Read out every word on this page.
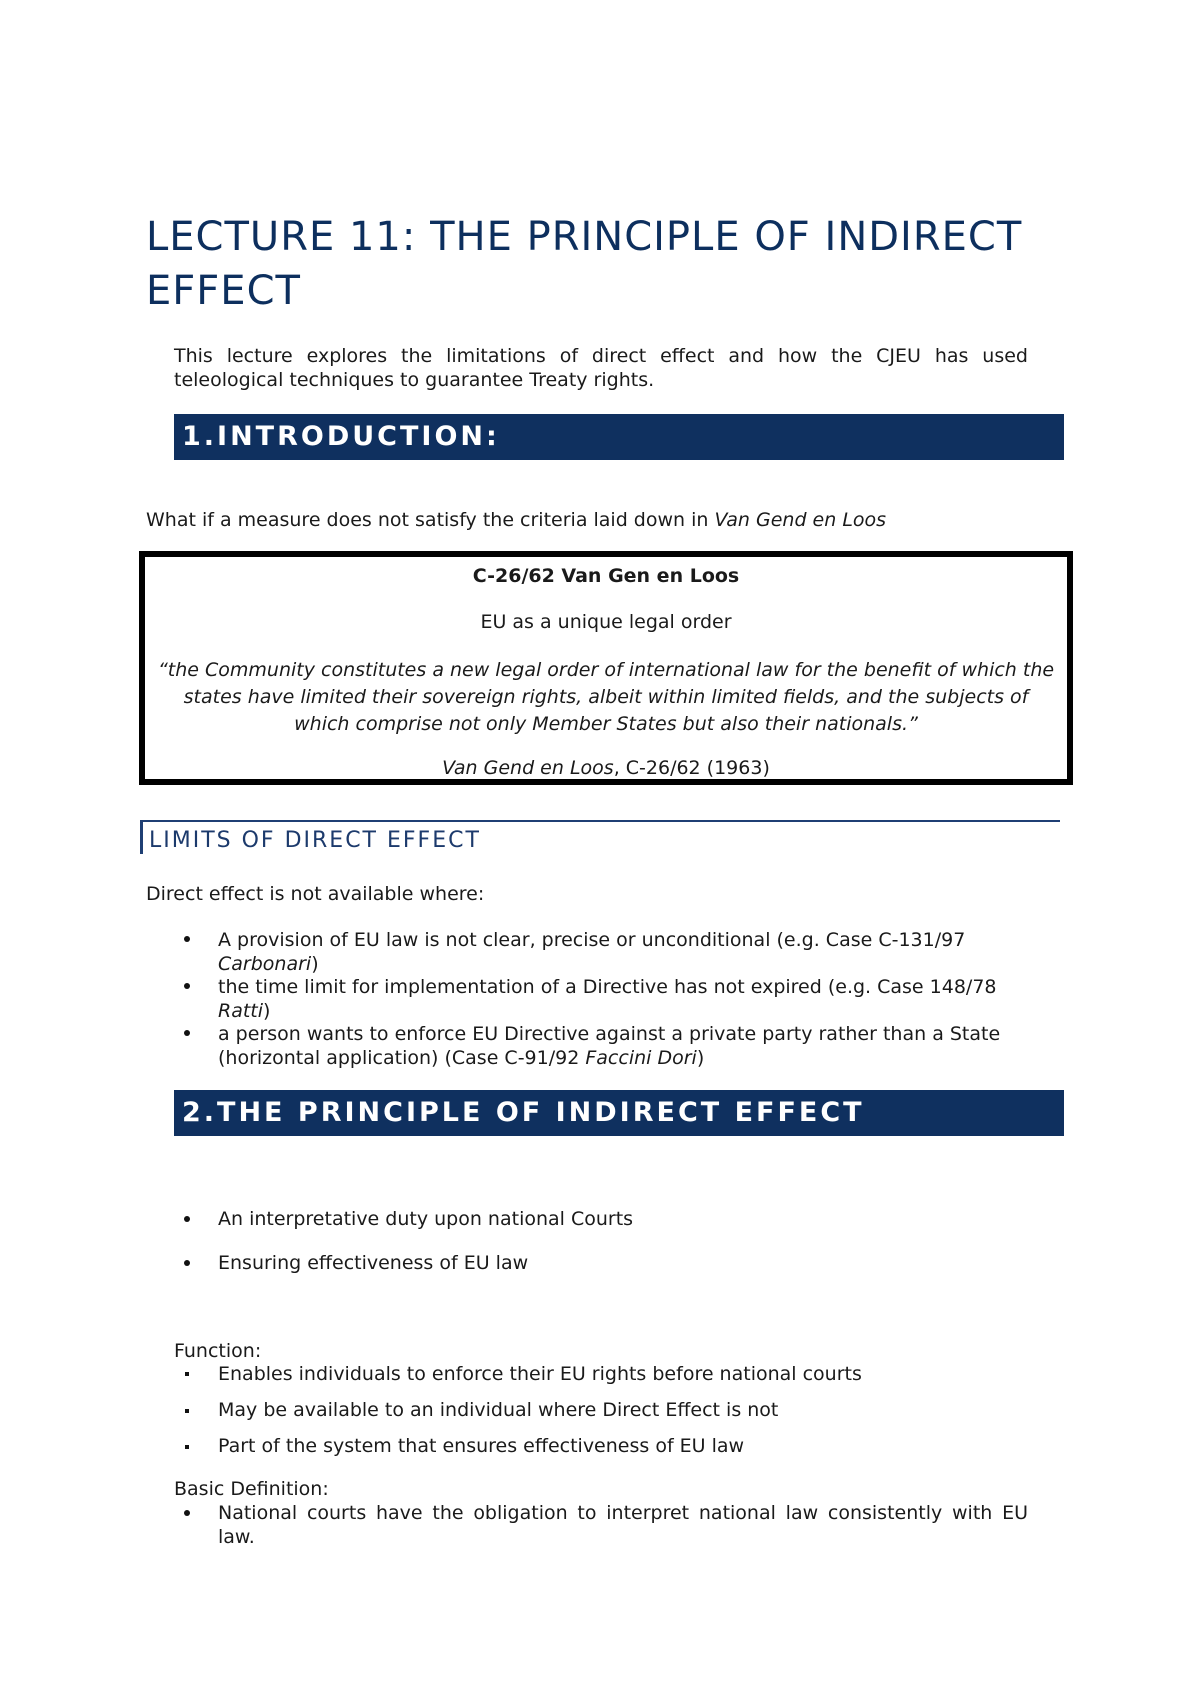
LECTURE 11: THE PRINCIPLE OF INDIRECT EFFECT

This lecture explores the limitations of direct effect and how the CJEU has used teleological techniques to guarantee Treaty rights.

1.INTRODUCTION:

What if a measure does not satisfy the criteria laid down in Van Gend en Loos

C-26/62 Van Gen en Loos
EU as a unique legal order
“the Community constitutes a new legal order of international law for the benefit of which the states have limited their sovereign rights, albeit within limited fields, and the subjects of which comprise not only Member States but also their nationals.”
Van Gend en Loos, C-26/62 (1963)
LIMITS OF DIRECT EFFECT

Direct effect is not available where:

A provision of EU law is not clear, precise or unconditional (e.g. Case C-131/97 Carbonari)

the time limit for implementation of a Directive has not expired (e.g. Case 148/78 Ratti)

a person wants to enforce EU Directive against a private party rather than a State (horizontal application) (Case C-91/92 Faccini Dori)

2.THE PRINCIPLE OF INDIRECT EFFECT

An interpretative duty upon national Courts

Ensuring effectiveness of EU law

Function:

Enables individuals to enforce their EU rights before national courts

May be available to an individual where Direct Effect is not

Part of the system that ensures effectiveness of EU law

Basic Definition:

National courts have the obligation to interpret national law consistently with EU law.
